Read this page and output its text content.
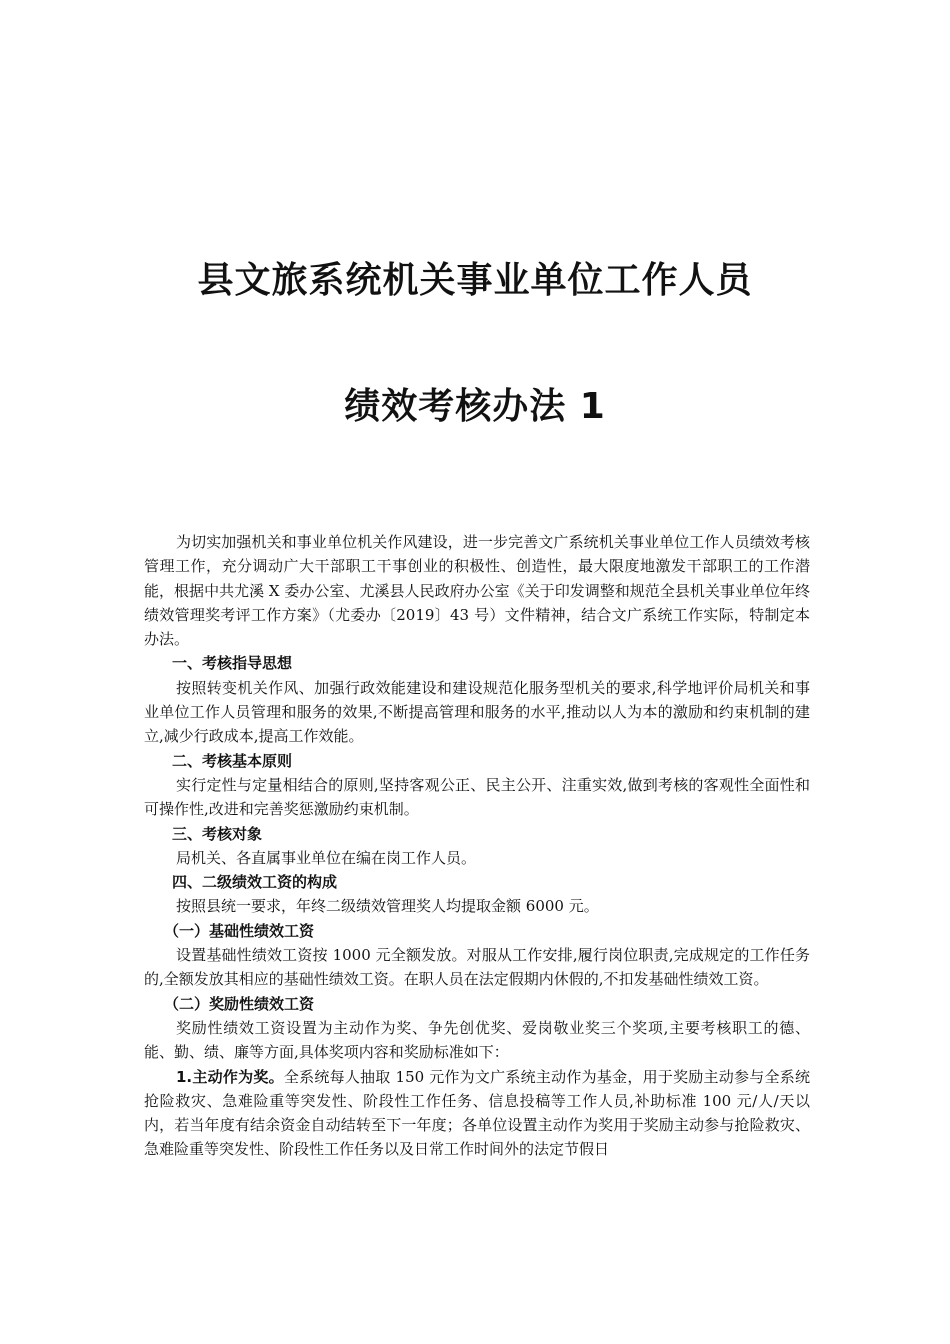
县文旅系统机关事业单位工作人员
绩效考核办法 1

为切实加强机关和事业单位机关作风建设，进一步完善文广系统机关事业单位工作人员绩效考核管理工作，充分调动广大干部职工干事创业的积极性、创造性，最大限度地激发干部职工的工作潜能，根据中共尤溪 X 委办公室、尤溪县人民政府办公室《关于印发调整和规范全县机关事业单位年终绩效管理奖考评工作方案》（尤委办〔2019〕43 号）文件精神，结合文广系统工作实际，特制定本办法。

一、考核指导思想

按照转变机关作风、加强行政效能建设和建设规范化服务型机关的要求,科学地评价局机关和事业单位工作人员管理和服务的效果,不断提高管理和服务的水平,推动以人为本的激励和约束机制的建立,减少行政成本,提高工作效能。

二、考核基本原则

实行定性与定量相结合的原则,坚持客观公正、民主公开、注重实效,做到考核的客观性全面性和可操作性,改进和完善奖惩激励约束机制。

三、考核对象

局机关、各直属事业单位在编在岗工作人员。

四、二级绩效工资的构成

按照县统一要求，年终二级绩效管理奖人均提取金额 6000 元。

（一）基础性绩效工资

设置基础性绩效工资按 1000 元全额发放。对服从工作安排,履行岗位职责,完成规定的工作任务的,全额发放其相应的基础性绩效工资。在职人员在法定假期内休假的,不扣发基础性绩效工资。

（二）奖励性绩效工资

奖励性绩效工资设置为主动作为奖、争先创优奖、爱岗敬业奖三个奖项,主要考核职工的德、能、勤、绩、廉等方面,具体奖项内容和奖励标准如下：

1.主动作为奖。全系统每人抽取 150 元作为文广系统主动作为基金，用于奖励主动参与全系统抢险救灾、急难险重等突发性、阶段性工作任务、信息投稿等工作人员,补助标准 100 元/人/天以内，若当年度有结余资金自动结转至下一年度；各单位设置主动作为奖用于奖励主动参与抢险救灾、急难险重等突发性、阶段性工作任务以及日常工作时间外的法定节假日
